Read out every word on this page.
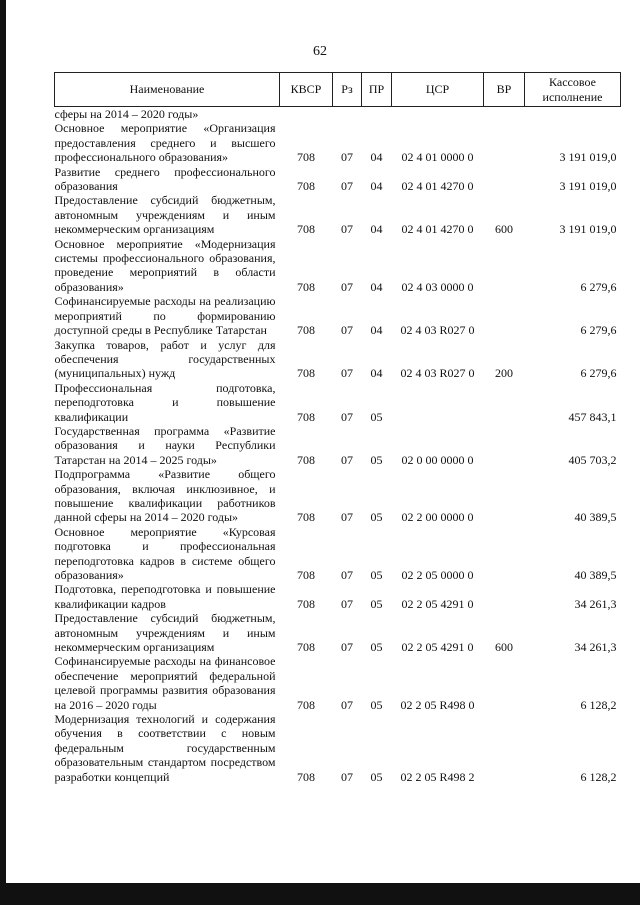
62
Наименование	КВСР	Рз	ПР	ЦСР	ВР	Кассовое исполнение
сферы на 2014 – 2020 годы»						
Основное мероприятие «Организация предоставления среднего и высшего профессионального образования»	708	07	04	02 4 01 0000 0		3 191 019,0
Развитие среднего профессионального образования	708	07	04	02 4 01 4270 0		3 191 019,0
Предоставление субсидий бюджетным, автономным учреждениям и иным некоммерческим организациям	708	07	04	02 4 01 4270 0	600	3 191 019,0
Основное мероприятие «Модернизация системы профессионального образования, проведение мероприятий в области образования»	708	07	04	02 4 03 0000 0		6 279,6
Софинансируемые расходы на реализацию мероприятий по формированию доступной среды в Республике Татарстан	708	07	04	02 4 03 R027 0		6 279,6
Закупка товаров, работ и услуг для обеспечения государственных (муниципальных) нужд	708	07	04	02 4 03 R027 0	200	6 279,6
Профессиональная подготовка, переподготовка и повышение квалификации	708	07	05			457 843,1
Государственная программа «Развитие образования и науки Республики Татарстан на 2014 – 2025 годы»	708	07	05	02 0 00 0000 0		405 703,2
Подпрограмма «Развитие общего образования, включая инклюзивное, и повышение квалификации работников данной сферы на 2014 – 2020 годы»	708	07	05	02 2 00 0000 0		40 389,5
Основное мероприятие «Курсовая подготовка и профессиональная переподготовка кадров в системе общего образования»	708	07	05	02 2 05 0000 0		40 389,5
Подготовка, переподготовка и повышение квалификации кадров	708	07	05	02 2 05 4291 0		34 261,3
Предоставление субсидий бюджетным, автономным учреждениям и иным некоммерческим организациям	708	07	05	02 2 05 4291 0	600	34 261,3
Софинансируемые расходы на финансовое обеспечение мероприятий федеральной целевой программы развития образования на 2016 – 2020 годы	708	07	05	02 2 05 R498 0		6 128,2
Модернизация технологий и содержания обучения в соответствии с новым федеральным государственным образовательным стандартом посредством разработки концепций	708	07	05	02 2 05 R498 2		6 128,2
